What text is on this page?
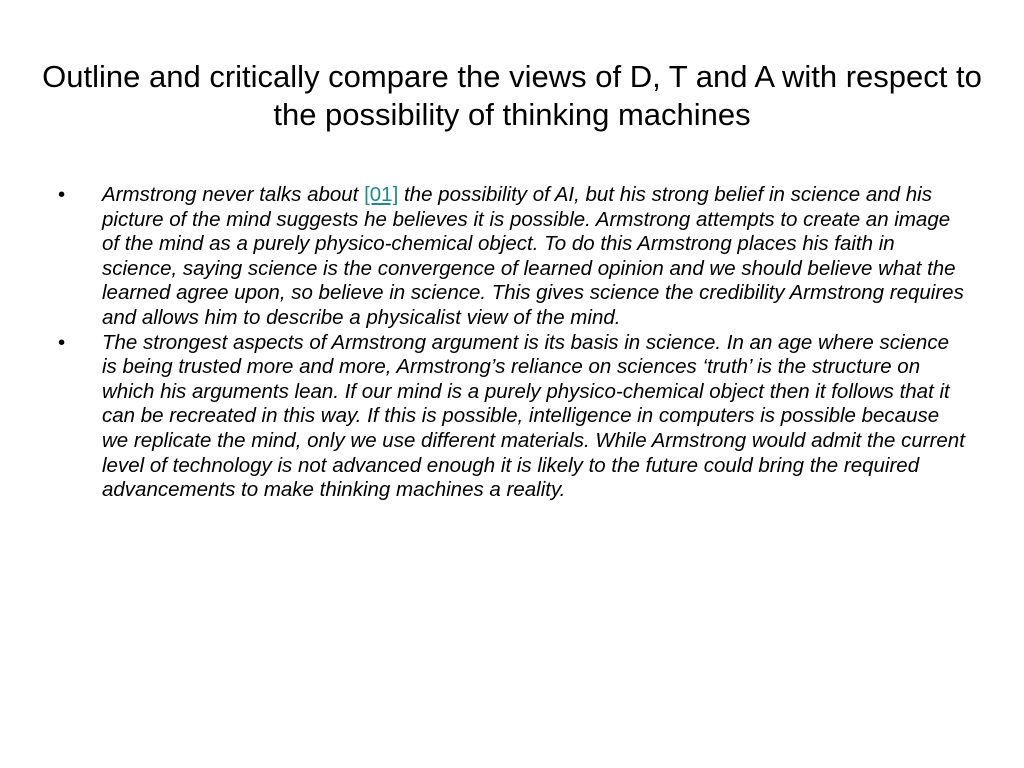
Outline and critically compare the views of D, T and A with respect to the possibility of thinking machines
• Armstrong never talks about [01] the possibility of AI, but his strong belief in science and his picture of the mind suggests he believes it is possible. Armstrong attempts to create an image of the mind as a purely physico-chemical object. To do this Armstrong places his faith in science, saying science is the convergence of learned opinion and we should believe what the learned agree upon, so believe in science. This gives science the credibility Armstrong requires and allows him to describe a physicalist view of the mind.
• The strongest aspects of Armstrong argument is its basis in science. In an age where science is being trusted more and more, Armstrong’s reliance on sciences ‘truth’ is the structure on which his arguments lean. If our mind is a purely physico-chemical object then it follows that it can be recreated in this way. If this is possible, intelligence in computers is possible because we replicate the mind, only we use different materials. While Armstrong would admit the current level of technology is not advanced enough it is likely to the future could bring the required advancements to make thinking machines a reality.
